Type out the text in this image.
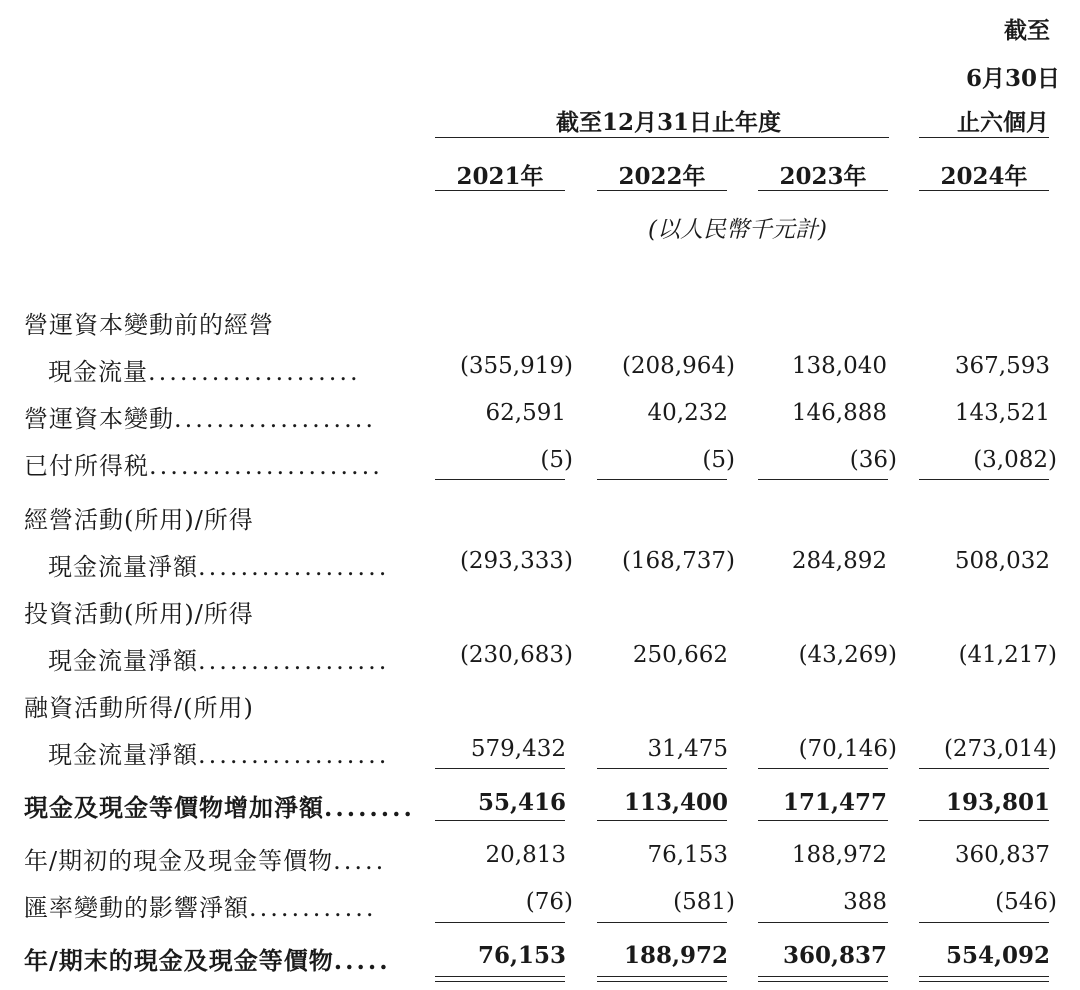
截至
6月30日
止六個月
截至12月31日止年度
2021年	2022年	2023年	2024年
(以人民幣千元計)
營運資本變動前的經營
現金流量....................	(355,919)	(208,964)	138,040	367,593
營運資本變動...................	62,591	40,232	146,888	143,521
已付所得税......................	(5)	(5)	(36)	(3,082)
經營活動(所用)/所得
現金流量淨額..................	(293,333)	(168,737)	284,892	508,032
投資活動(所用)/所得
現金流量淨額..................	(230,683)	250,662	(43,269)	(41,217)
融資活動所得/(所用)
現金流量淨額..................	579,432	31,475	(70,146)	(273,014)
現金及現金等價物增加淨額........	55,416	113,400	171,477	193,801
年/期初的現金及現金等價物.....	20,813	76,153	188,972	360,837
匯率變動的影響淨額............	(76)	(581)	388	(546)
年/期末的現金及現金等價物.....	76,153	188,972	360,837	554,092
